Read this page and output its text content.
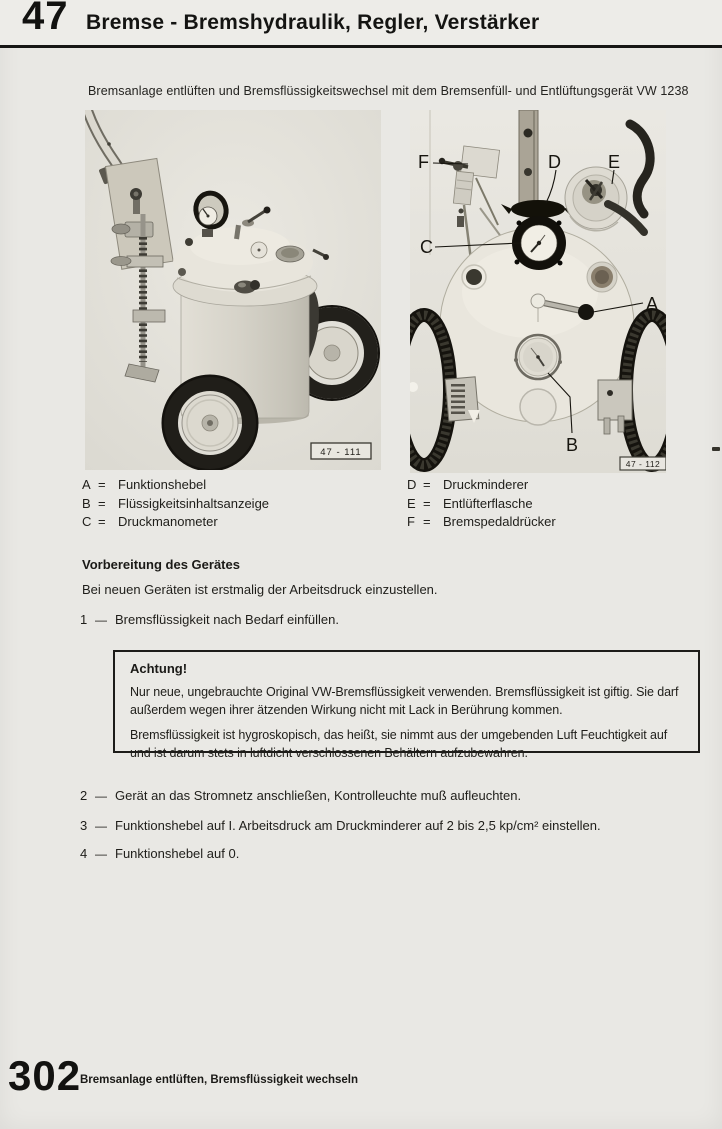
47 Bremse - Bremshydraulik, Regler, Verstärker
Bremsanlage entlüften und Bremsflüssigkeitswechsel mit dem Bremsenfüll- und Entlüftungsgerät VW 1238
47 - 111
F	D	E
C
A
B
47 - 112
A = Funktionshebel
B = Flüssigkeitsinhaltsanzeige
C = Druckmanometer
D = Druckminderer
E = Entlüfterflasche
F = Bremspedaldrücker
Vorbereitung des Gerätes
Bei neuen Geräten ist erstmalig der Arbeitsdruck einzustellen.
1 — Bremsflüssigkeit nach Bedarf einfüllen.

Achtung!

Nur neue, ungebrauchte Original VW-Bremsflüssigkeit verwenden. Bremsflüssigkeit ist giftig. Sie darf außerdem wegen ihrer ätzenden Wirkung nicht mit Lack in Berührung kommen.

Bremsflüssigkeit ist hygroskopisch, das heißt, sie nimmt aus der umgebenden Luft Feuchtigkeit auf und ist darum stets in luftdicht verschlossenen Behältern aufzubewahren.

2 — Gerät an das Stromnetz anschließen, Kontrolleuchte muß aufleuchten.
3 — Funktionshebel auf I. Arbeitsdruck am Druckminderer auf 2 bis 2,5 kp/cm² einstellen.
4 — Funktionshebel auf 0.
302
Bremsanlage entlüften, Bremsflüssigkeit wechseln
